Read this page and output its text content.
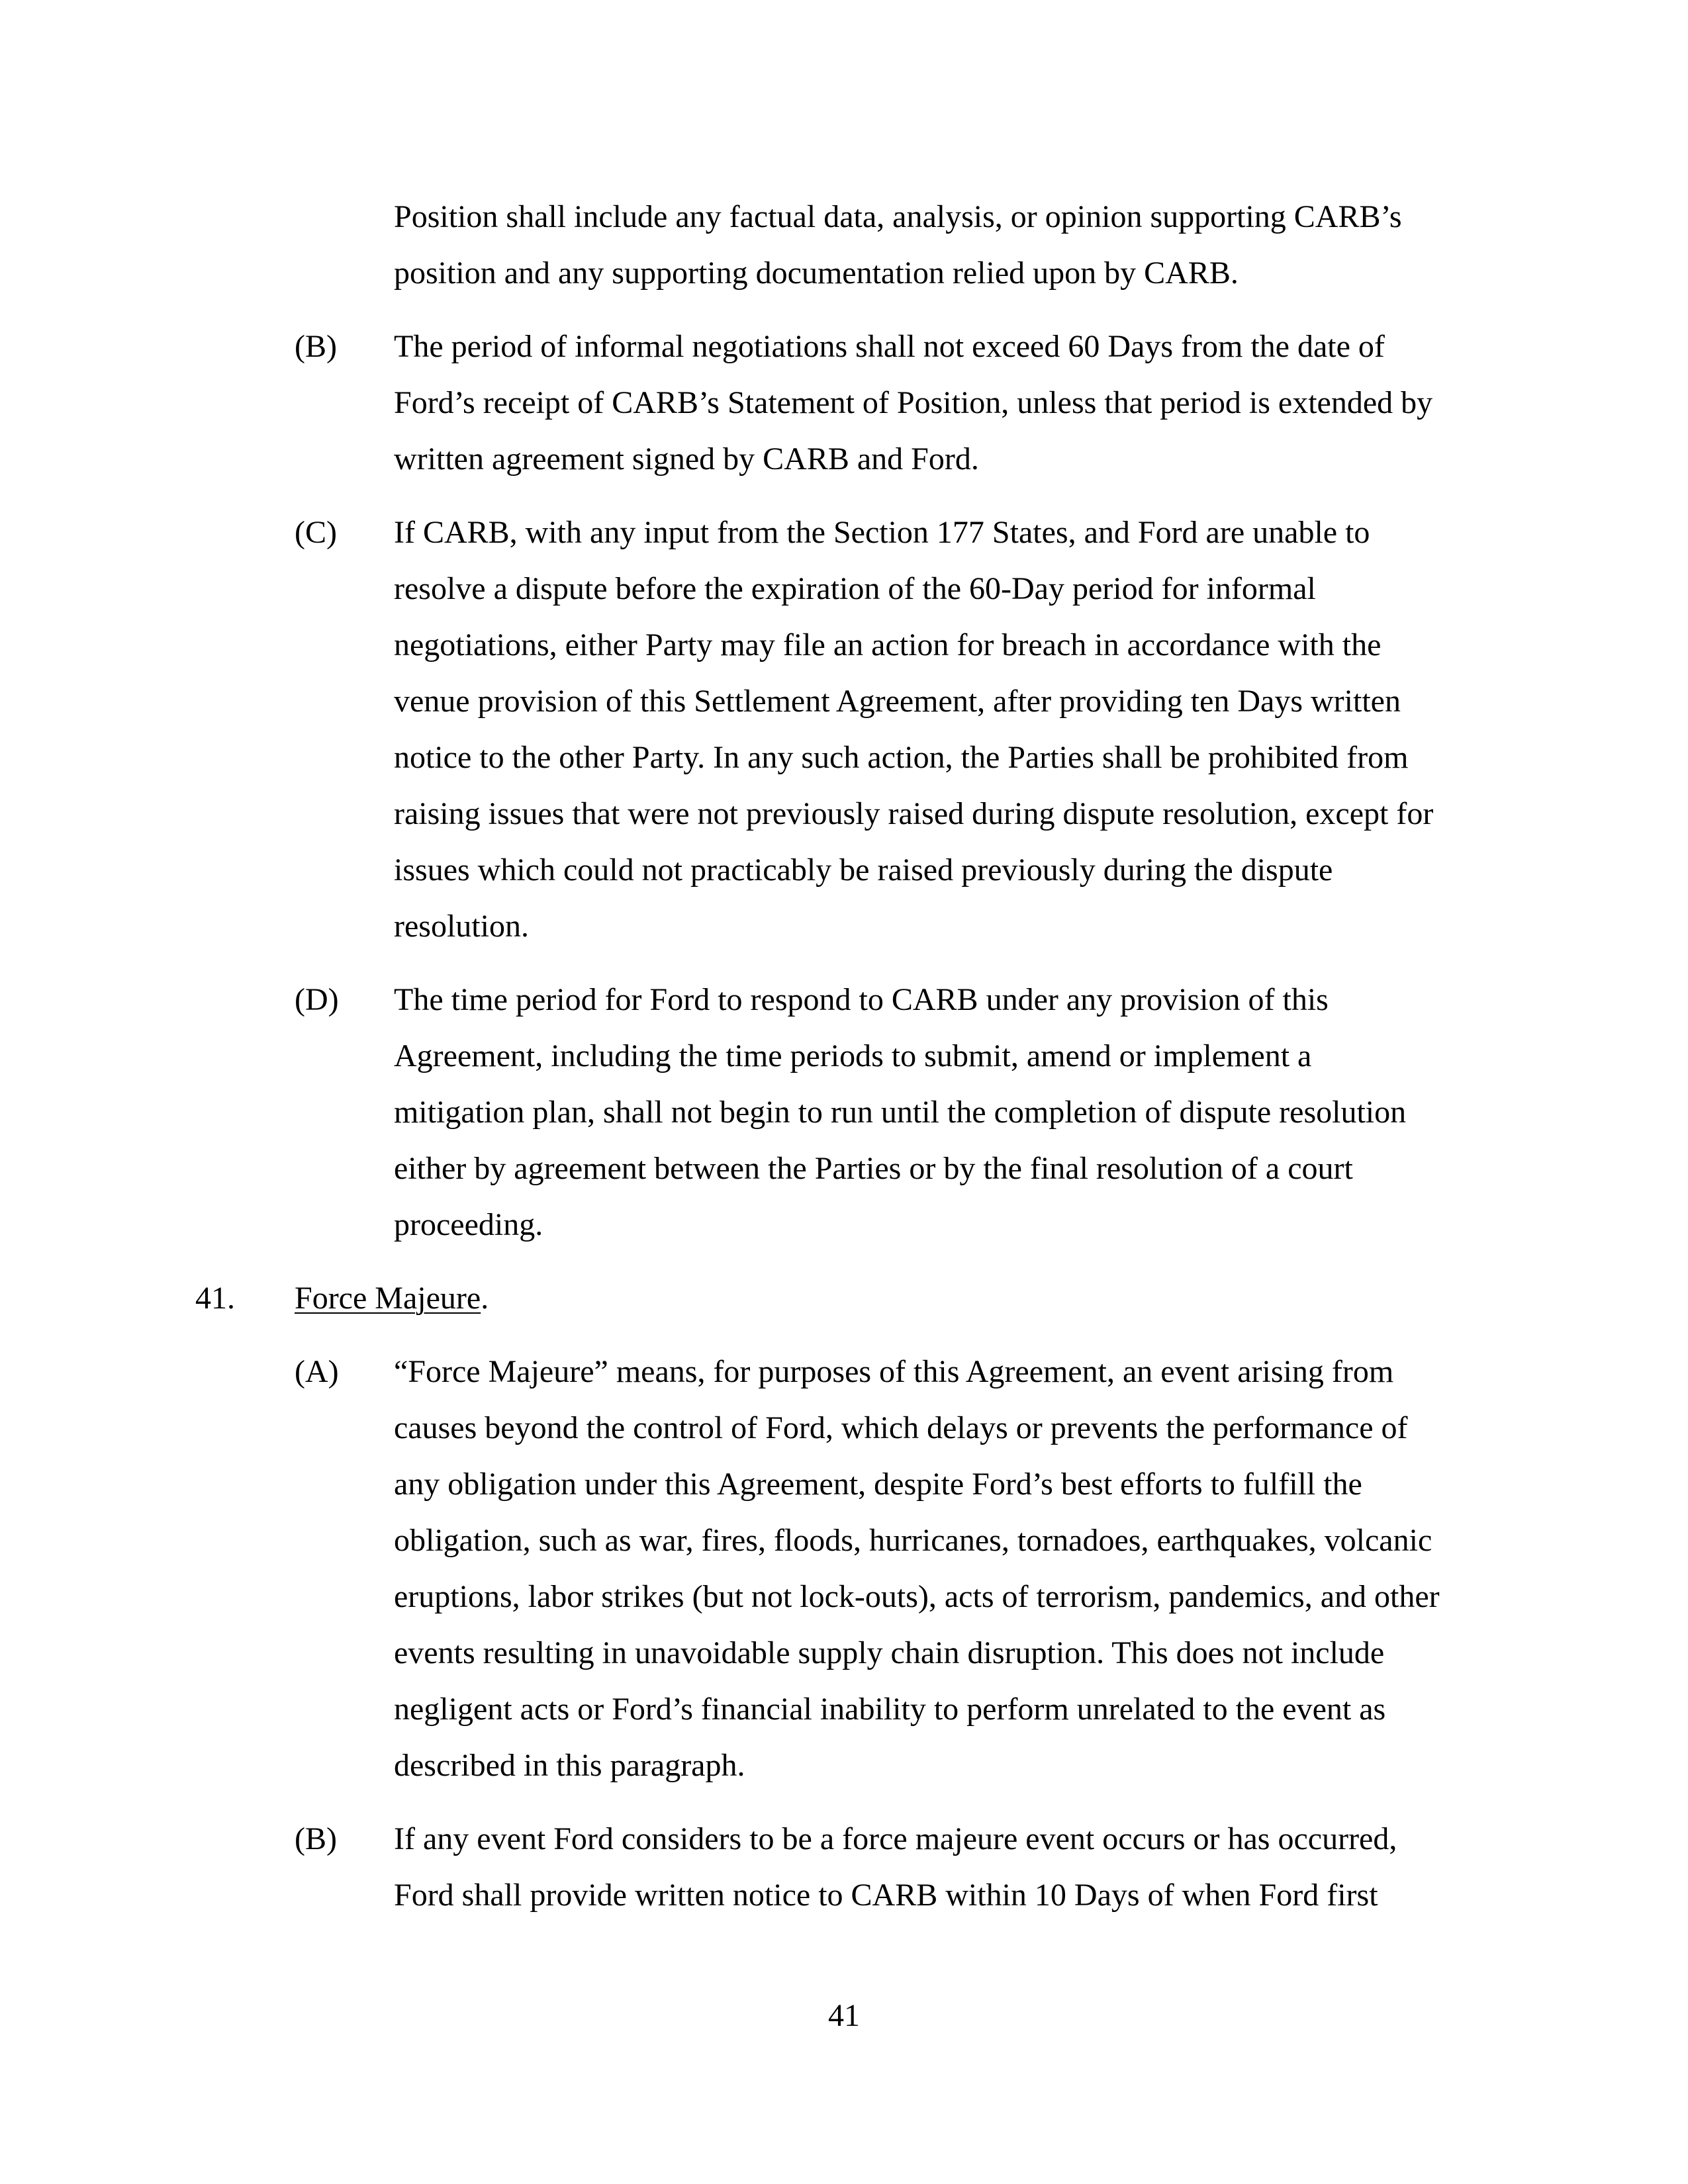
Position shall include any factual data, analysis, or opinion supporting CARB’s
position and any supporting documentation relied upon by CARB.
(B) The period of informal negotiations shall not exceed 60 Days from the date of
Ford’s receipt of CARB’s Statement of Position, unless that period is extended by
written agreement signed by CARB and Ford.
(C) If CARB, with any input from the Section 177 States, and Ford are unable to
resolve a dispute before the expiration of the 60-Day period for informal
negotiations, either Party may file an action for breach in accordance with the
venue provision of this Settlement Agreement, after providing ten Days written
notice to the other Party. In any such action, the Parties shall be prohibited from
raising issues that were not previously raised during dispute resolution, except for
issues which could not practicably be raised previously during the dispute
resolution.
(D) The time period for Ford to respond to CARB under any provision of this
Agreement, including the time periods to submit, amend or implement a
mitigation plan, shall not begin to run until the completion of dispute resolution
either by agreement between the Parties or by the final resolution of a court
proceeding.
41. Force Majeure.
(A) “Force Majeure” means, for purposes of this Agreement, an event arising from
causes beyond the control of Ford, which delays or prevents the performance of
any obligation under this Agreement, despite Ford’s best efforts to fulfill the
obligation, such as war, fires, floods, hurricanes, tornadoes, earthquakes, volcanic
eruptions, labor strikes (but not lock-outs), acts of terrorism, pandemics, and other
events resulting in unavoidable supply chain disruption. This does not include
negligent acts or Ford’s financial inability to perform unrelated to the event as
described in this paragraph.
(B) If any event Ford considers to be a force majeure event occurs or has occurred,
Ford shall provide written notice to CARB within 10 Days of when Ford first
41
